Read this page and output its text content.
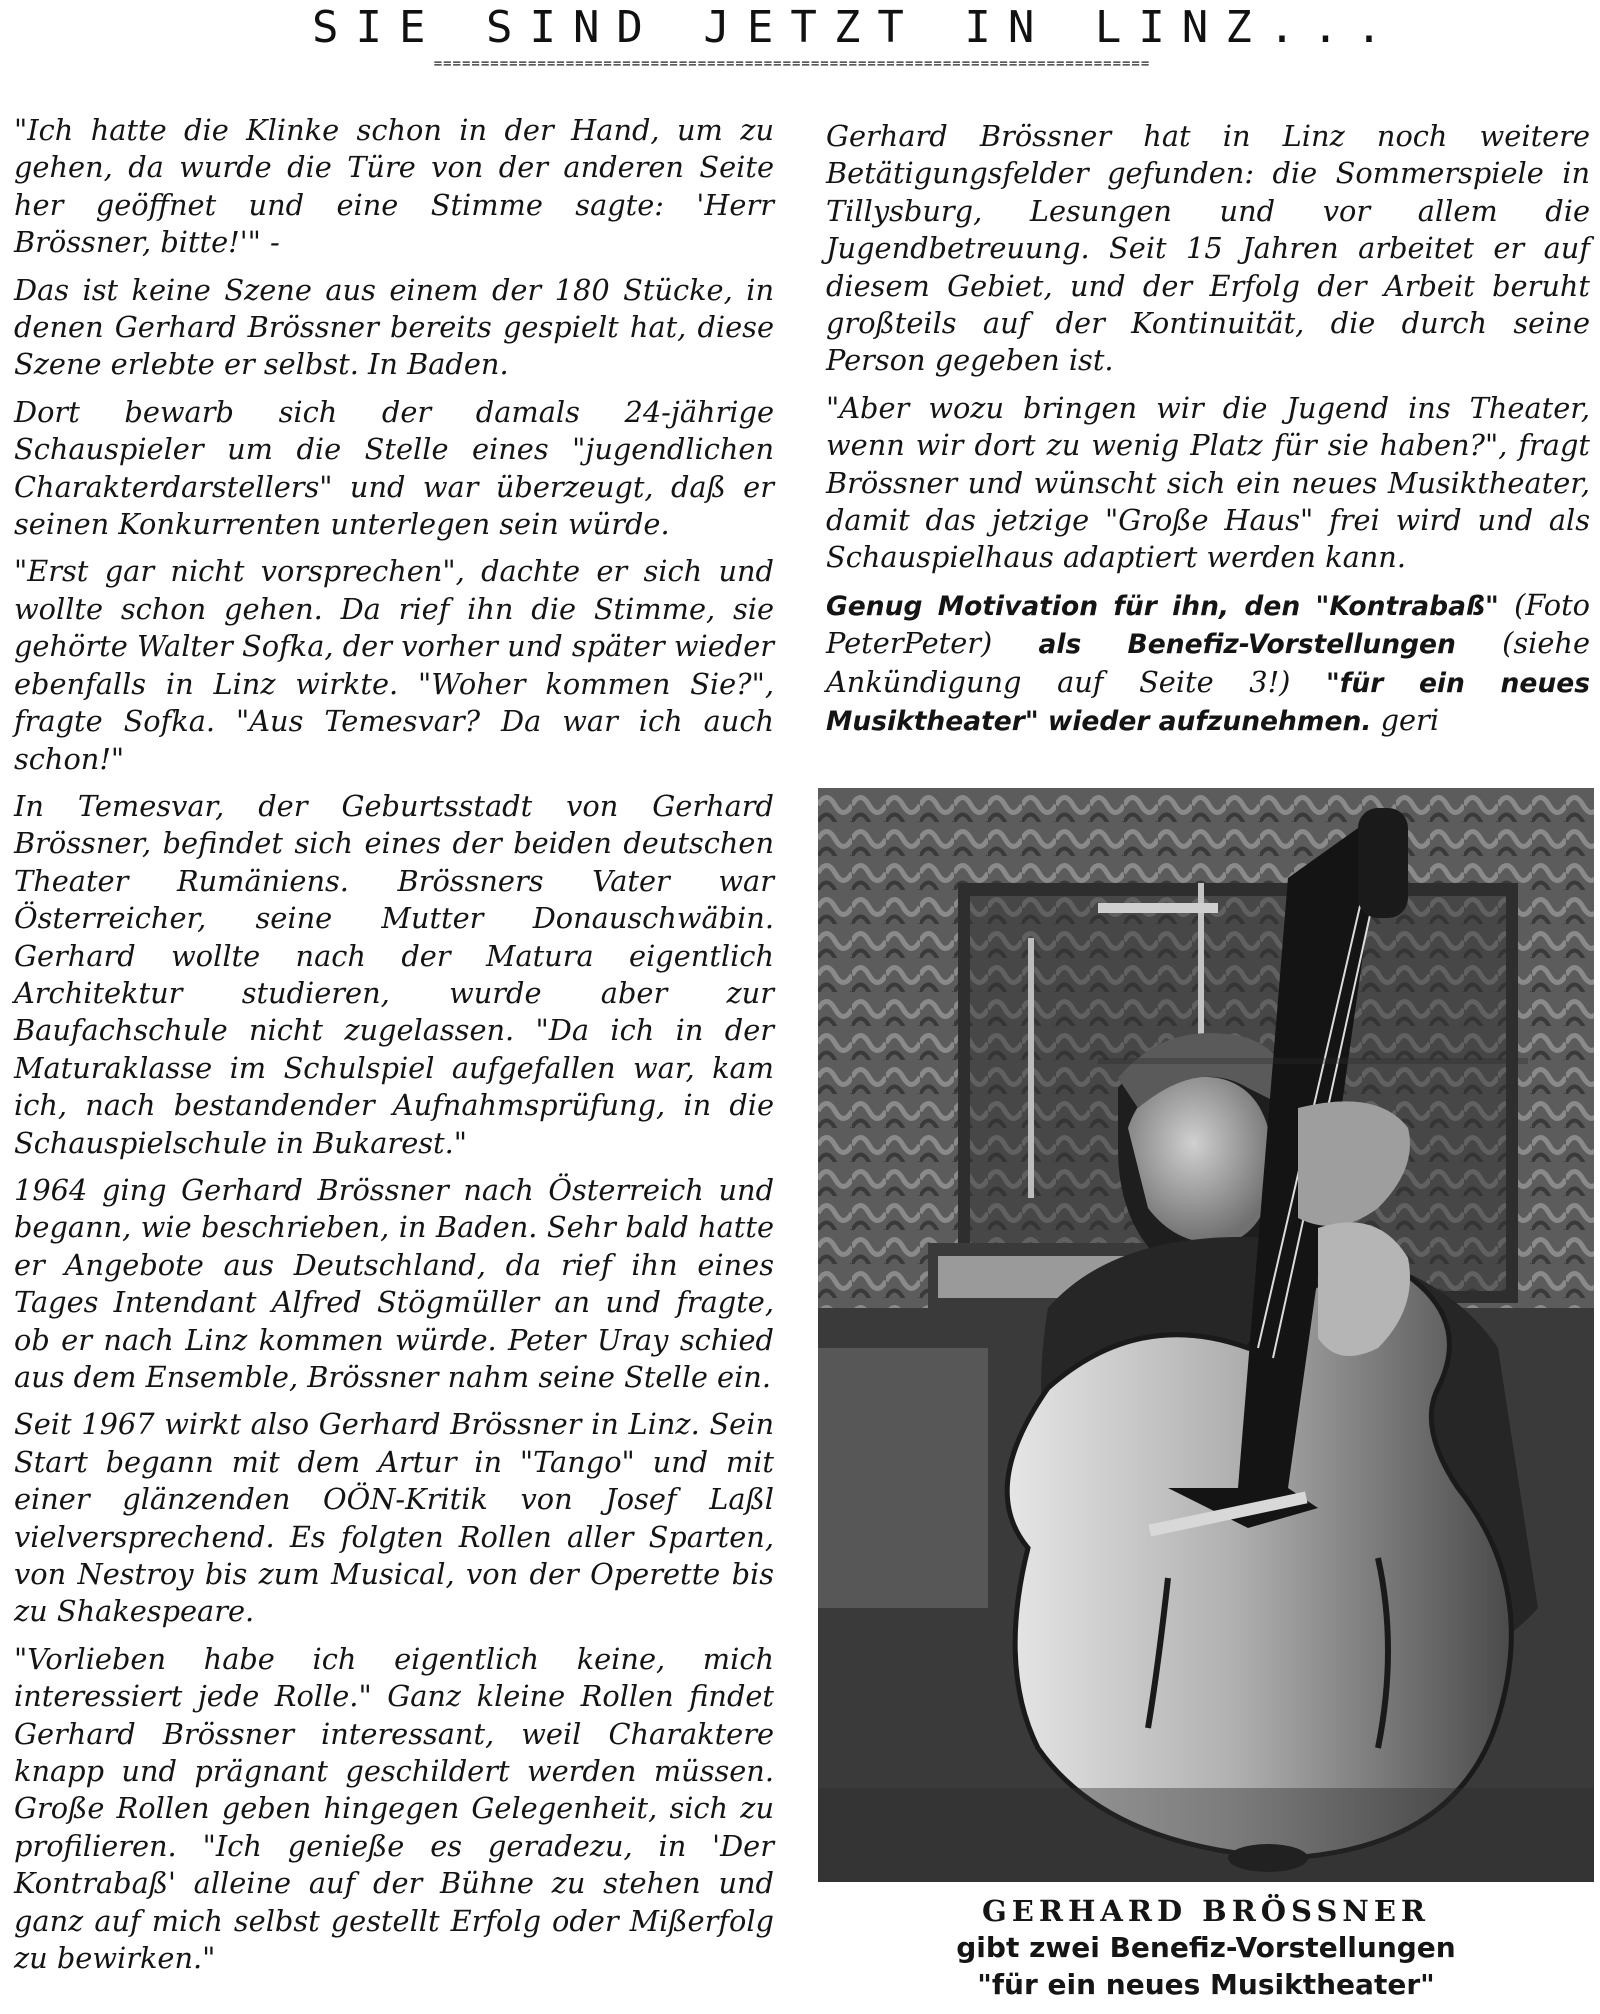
SIE SIND JETZT IN LINZ...
============================================================================

"Ich hatte die Klinke schon in der Hand, um zu gehen, da wurde die Türe von der anderen Seite her geöffnet und eine Stimme sagte: 'Herr Brössner, bitte!'" -

Das ist keine Szene aus einem der 180 Stücke, in denen Gerhard Brössner bereits gespielt hat, diese Szene erlebte er selbst. In Baden.

Dort bewarb sich der damals 24-jährige Schauspieler um die Stelle eines "jugendlichen Charakterdarstellers" und war überzeugt, daß er seinen Konkurrenten unterlegen sein würde.

"Erst gar nicht vorsprechen", dachte er sich und wollte schon gehen. Da rief ihn die Stimme, sie gehörte Walter Sofka, der vorher und später wieder ebenfalls in Linz wirkte. "Woher kommen Sie?", fragte Sofka. "Aus Temesvar? Da war ich auch schon!"

In Temesvar, der Geburtsstadt von Gerhard Brössner, befindet sich eines der beiden deutschen Theater Rumäniens. Brössners Vater war Österreicher, seine Mutter Donauschwäbin. Gerhard wollte nach der Matura eigentlich Architektur studieren, wurde aber zur Baufachschule nicht zugelassen. "Da ich in der Maturaklasse im Schulspiel aufgefallen war, kam ich, nach bestandender Aufnahmsprüfung, in die Schauspielschule in Bukarest."

1964 ging Gerhard Brössner nach Österreich und begann, wie beschrieben, in Baden. Sehr bald hatte er Angebote aus Deutschland, da rief ihn eines Tages Intendant Alfred Stögmüller an und fragte, ob er nach Linz kommen würde. Peter Uray schied aus dem Ensemble, Brössner nahm seine Stelle ein.

Seit 1967 wirkt also Gerhard Brössner in Linz. Sein Start begann mit dem Artur in "Tango" und mit einer glänzenden OÖN-Kritik von Josef Laßl vielversprechend. Es folgten Rollen aller Sparten, von Nestroy bis zum Musical, von der Operette bis zu Shakespeare.

"Vorlieben habe ich eigentlich keine, mich interessiert jede Rolle." Ganz kleine Rollen findet Gerhard Brössner interessant, weil Charaktere knapp und prägnant geschildert werden müssen. Große Rollen geben hingegen Gelegenheit, sich zu profilieren. "Ich genieße es geradezu, in 'Der Kontrabaß' alleine auf der Bühne zu stehen und ganz auf mich selbst gestellt Erfolg oder Mißerfolg zu bewirken."

Gerhard Brössner hat in Linz noch weitere Betätigungsfelder gefunden: die Sommerspiele in Tillysburg, Lesungen und vor allem die Jugendbetreuung. Seit 15 Jahren arbeitet er auf diesem Gebiet, und der Erfolg der Arbeit beruht großteils auf der Kontinuität, die durch seine Person gegeben ist.

"Aber wozu bringen wir die Jugend ins Theater, wenn wir dort zu wenig Platz für sie haben?", fragt Brössner und wünscht sich ein neues Musiktheater, damit das jetzige "Große Haus" frei wird und als Schauspielhaus adaptiert werden kann.

Genug Motivation für ihn, den "Kontrabaß" (Foto PeterPeter) als Benefiz-Vorstellungen (siehe Ankündigung auf Seite 3!) "für ein neues Musiktheater" wieder aufzunehmen. geri

GERHARD BRÖSSNER
gibt zwei Benefiz-Vorstellungen
"für ein neues Musiktheater"
